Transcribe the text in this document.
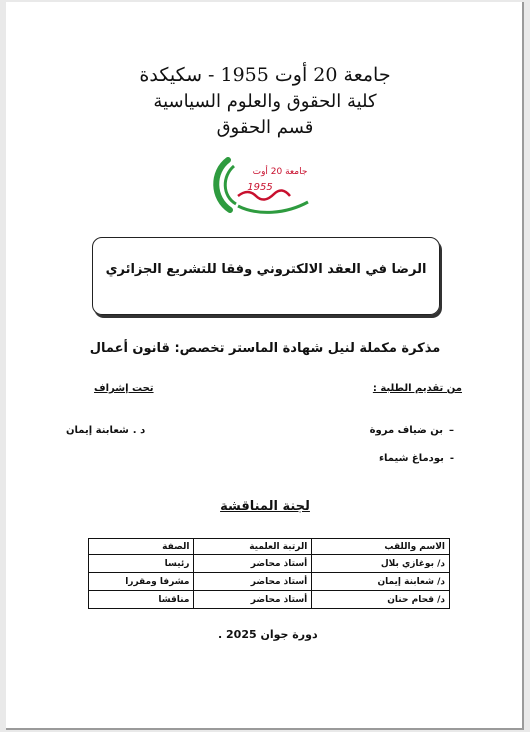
جامعة 20 أوت 1955 - سكيكدة
كلية الحقوق والعلوم السياسية
قسم الحقوق
جامعة 20 أوت
1955
الرضا في العقد الالكتروني وفقا للتشريع الجزائري
مذكرة مكملة لنيل شهادة الماستر تخصص: قانون أعمال
من تقديم الطلبة :
تحت إشراف
–بن ضياف مروة
-بودماغ شيماء
د .شعابنة إيمان
لجنة المناقشة
الاسم واللقب	الرتبة العلمية	الصفة
د/ بوغازي بلال	أستاذ محاضر	رئيسا
د/ شعابنة إيمان	أستاذ محاضر	مشرفا ومقررا
د/ قحام حنان	أستاذ محاضر	مناقشا
دورة جوان 2025 .
